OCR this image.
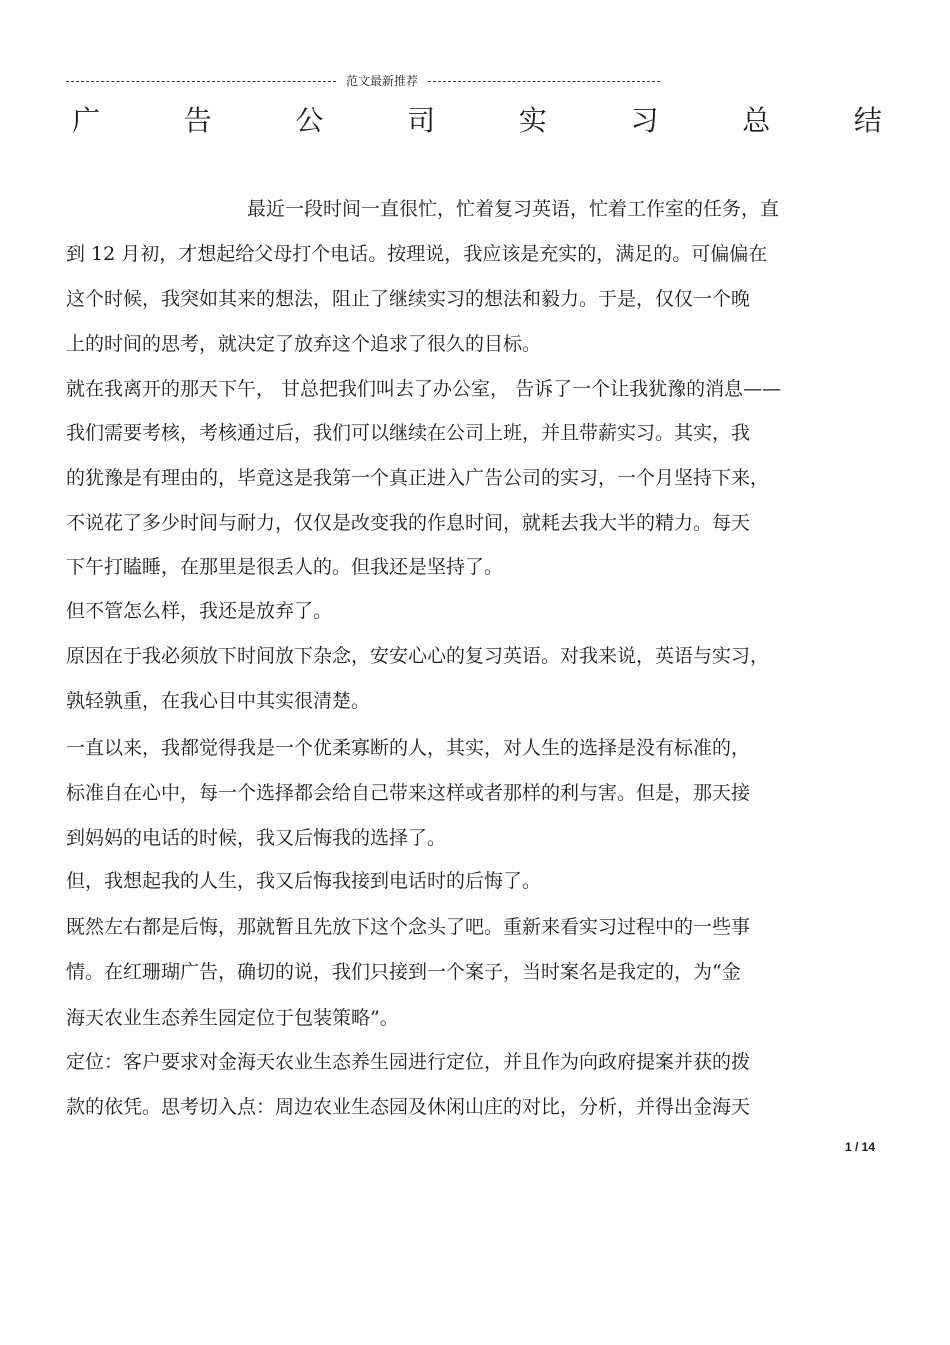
范文最新推荐
广	告	公	司	实	习	总	结
最近一段时间一直很忙，忙着复习英语，忙着工作室的任务，直
到 12 月初，才想起给父母打个电话。按理说，我应该是充实的，满足的。可偏偏在
这个时候，我突如其来的想法，阻止了继续实习的想法和毅力。于是，仅仅一个晚
上的时间的思考，就决定了放弃这个追求了很久的目标。
就在我离开的那天下午， 甘总把我们叫去了办公室， 告诉了一个让我犹豫的消息——
我们需要考核，考核通过后，我们可以继续在公司上班，并且带薪实习。其实，我
的犹豫是有理由的，毕竟这是我第一个真正进入广告公司的实习，一个月坚持下来，
不说花了多少时间与耐力，仅仅是改变我的作息时间，就耗去我大半的精力。每天
下午打瞌睡，在那里是很丢人的。但我还是坚持了。
但不管怎么样，我还是放弃了。
原因在于我必须放下时间放下杂念，安安心心的复习英语。对我来说，英语与实习，
孰轻孰重，在我心目中其实很清楚。
一直以来，我都觉得我是一个优柔寡断的人，其实，对人生的选择是没有标准的，
标准自在心中，每一个选择都会给自己带来这样或者那样的利与害。但是，那天接
到妈妈的电话的时候，我又后悔我的选择了。
但，我想起我的人生，我又后悔我接到电话时的后悔了。
既然左右都是后悔，那就暂且先放下这个念头了吧。重新来看实习过程中的一些事
情。在红珊瑚广告，确切的说，我们只接到一个案子，当时案名是我定的，为“金
海天农业生态养生园定位于包装策略”。
定位：客户要求对金海天农业生态养生园进行定位，并且作为向政府提案并获的拨
款的依凭。思考切入点：周边农业生态园及休闲山庄的对比，分析，并得出金海天
1 / 14
